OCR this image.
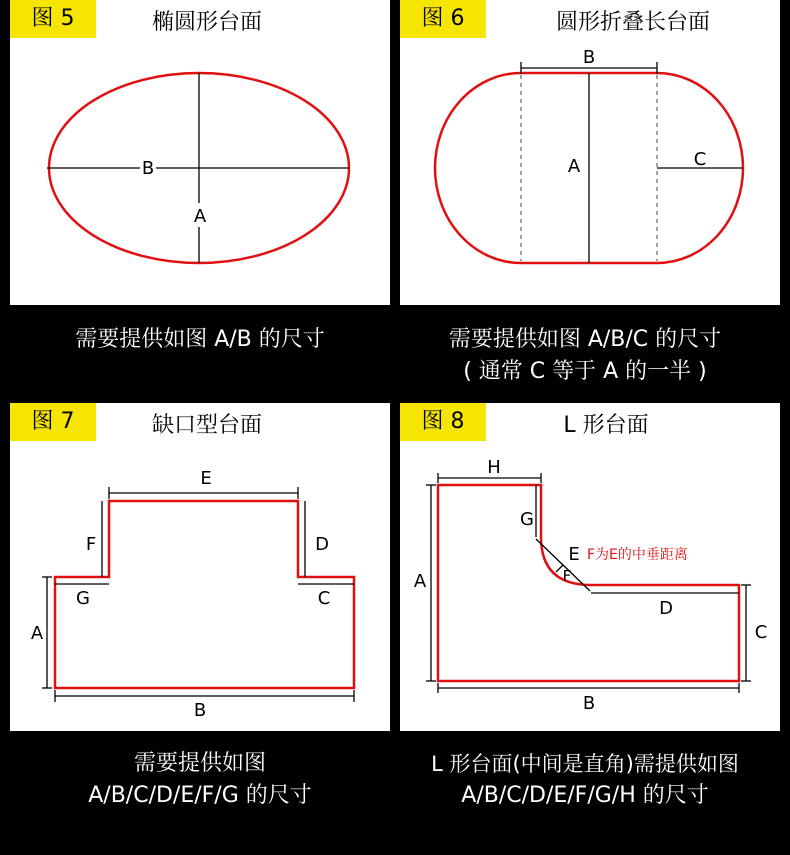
图 5	椭圆形台面
B
A
图 6	圆形折叠长台面
B
A	C
需要提供如图 A/B 的尺寸	需要提供如图 A/B/C 的尺寸
( 通常 C 等于 A 的一半 )
图 7	缺口型台面
E
F	D
G	C
A
B
图 8	L 形台面
H
G
E
F
F为E的中垂距离
D
C
A
B
需要提供如图
A/B/C/D/E/F/G 的尺寸
L 形台面(中间是直角)需提供如图
A/B/C/D/E/F/G/H 的尺寸
